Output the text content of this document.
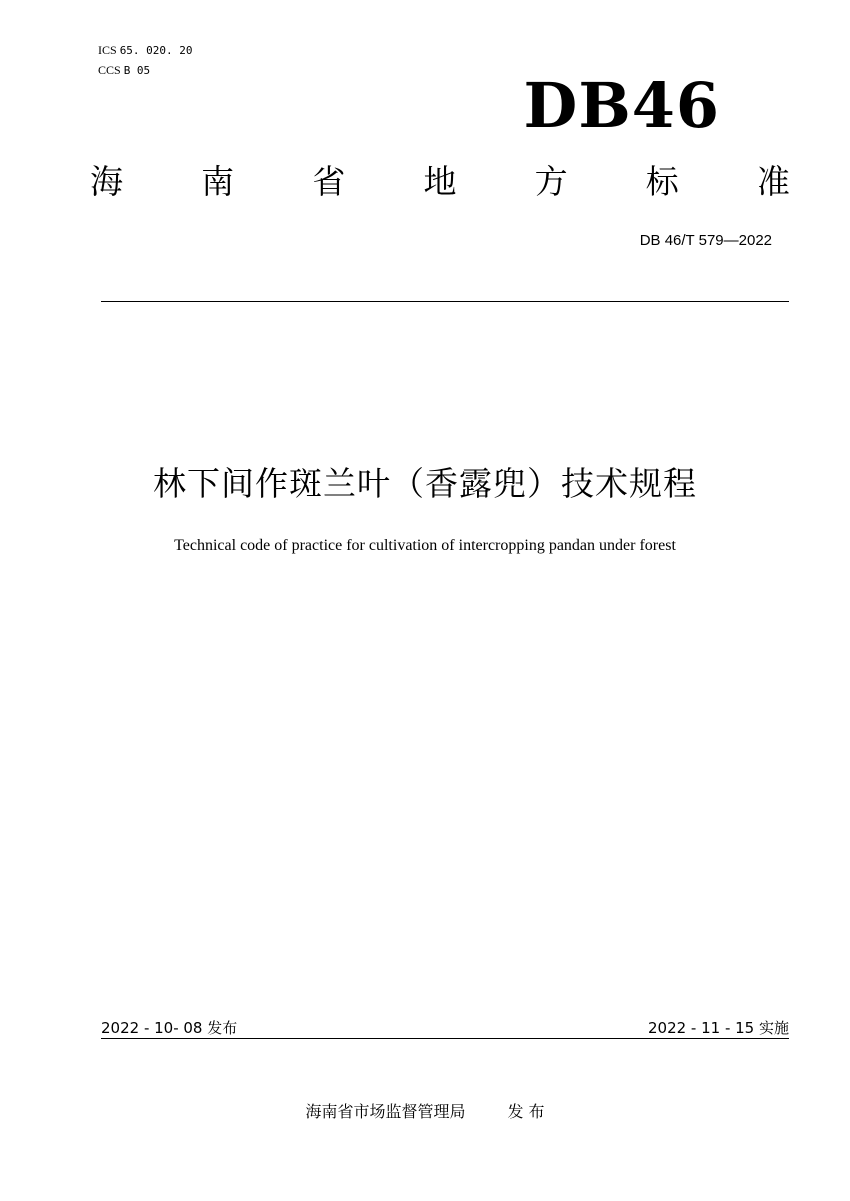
ICS 65. 020. 20
CCS B 05	DB46
海 南 省 地 方 标 准
DB 46/T 579—2022
林下间作斑兰叶（香露兜）技术规程
Technical code of practice for cultivation of intercropping pandan under forest
2022 - 10- 08 发布	2022 - 11 - 15 实施
海南省市场监督管理局	发 布
